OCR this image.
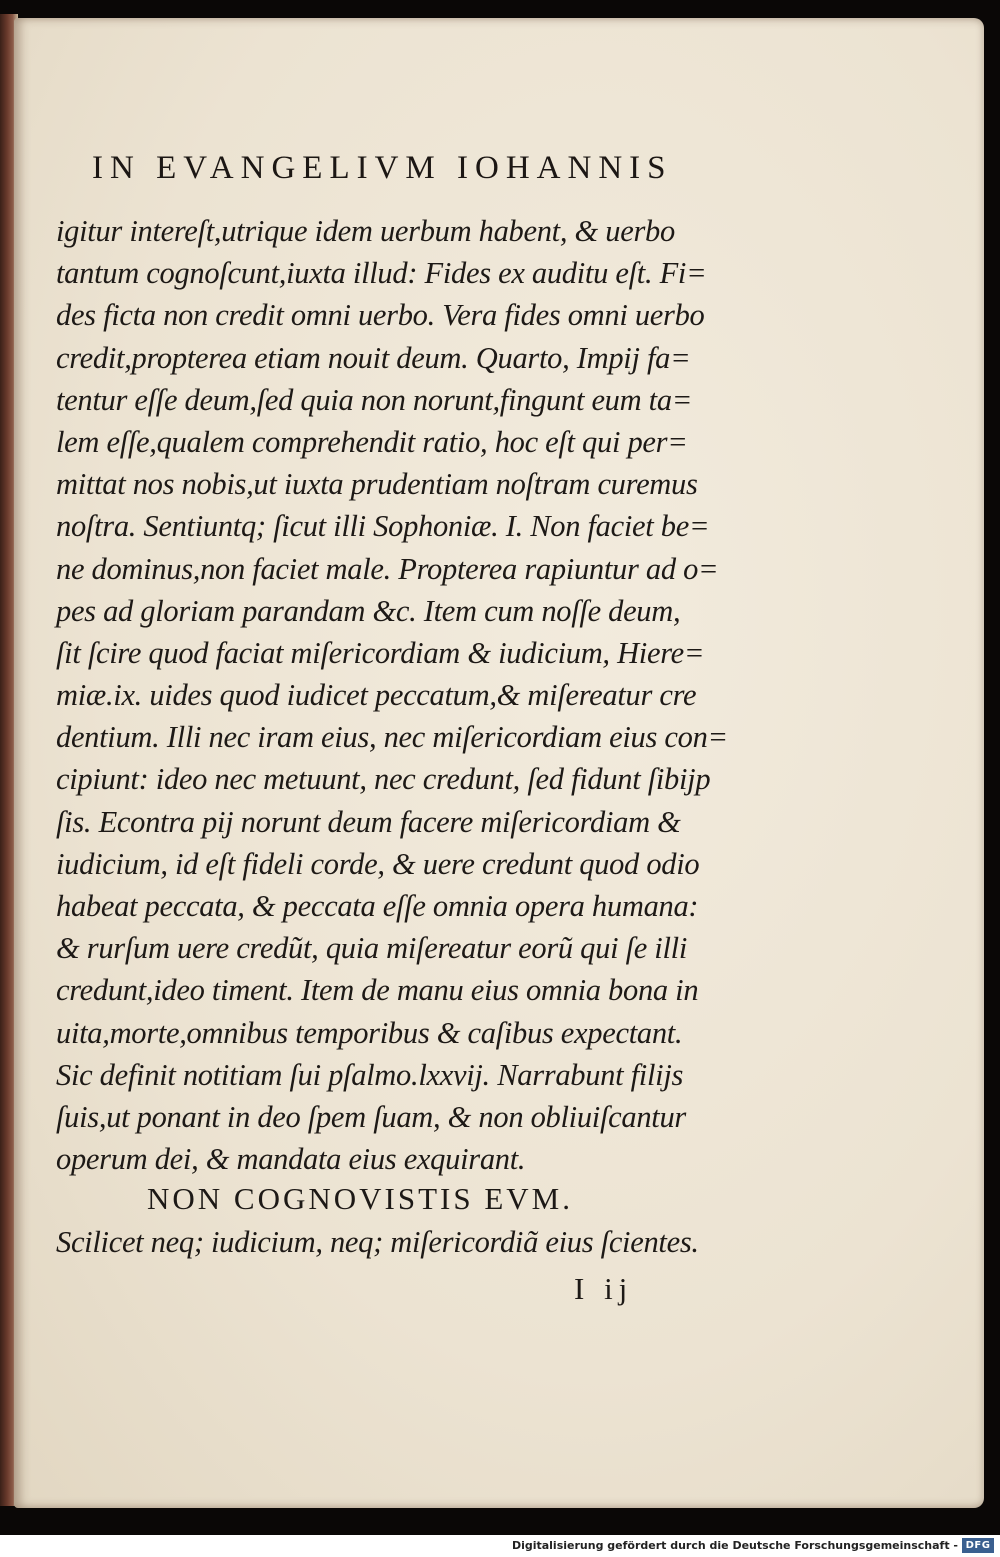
IN EVANGELIVM IOHANNIS
igitur intereſt,utrique idem uerbum habent, & uerbo
tantum cognoſcunt,iuxta illud: Fides ex auditu eſt. Fi=
des ficta non credit omni uerbo. Vera fides omni uerbo
credit,propterea etiam nouit deum. Quarto, Impij fa=
tentur eſſe deum,ſed quia non norunt,fingunt eum ta=
lem eſſe,qualem comprehendit ratio, hoc eſt qui per=
mittat nos nobis,ut iuxta prudentiam noſtram curemus
noſtra. Sentiuntq; ſicut illi Sophoniæ. I. Non faciet be=
ne dominus,non faciet male. Propterea rapiuntur ad o=
pes ad gloriam parandam &c. Item cum noſſe deum,
ſit ſcire quod faciat miſericordiam & iudicium, Hiere=
miæ.ix. uides quod iudicet peccatum,& miſereatur cre
dentium. Illi nec iram eius, nec miſericordiam eius con=
cipiunt: ideo nec metuunt, nec credunt, ſed fidunt ſibijp
ſis. Econtra pij norunt deum facere miſericordiam &
iudicium, id eſt fideli corde, & uere credunt quod odio
habeat peccata, & peccata eſſe omnia opera humana:
& rurſum uere credũt, quia miſereatur eorũ qui ſe illi
credunt,ideo timent. Item de manu eius omnia bona in
uita,morte,omnibus temporibus & caſibus expectant.
Sic definit notitiam ſui pſalmo.lxxvij. Narrabunt filijs
ſuis,ut ponant in deo ſpem ſuam, & non obliuiſcantur
operum dei, & mandata eius exquirant.
NON COGNOVISTIS EVM.
Scilicet neq; iudicium, neq; miſericordiã eius ſcientes.
I ij
Digitalisierung gefördert durch die Deutsche Forschungsgemeinschaft - DFG
